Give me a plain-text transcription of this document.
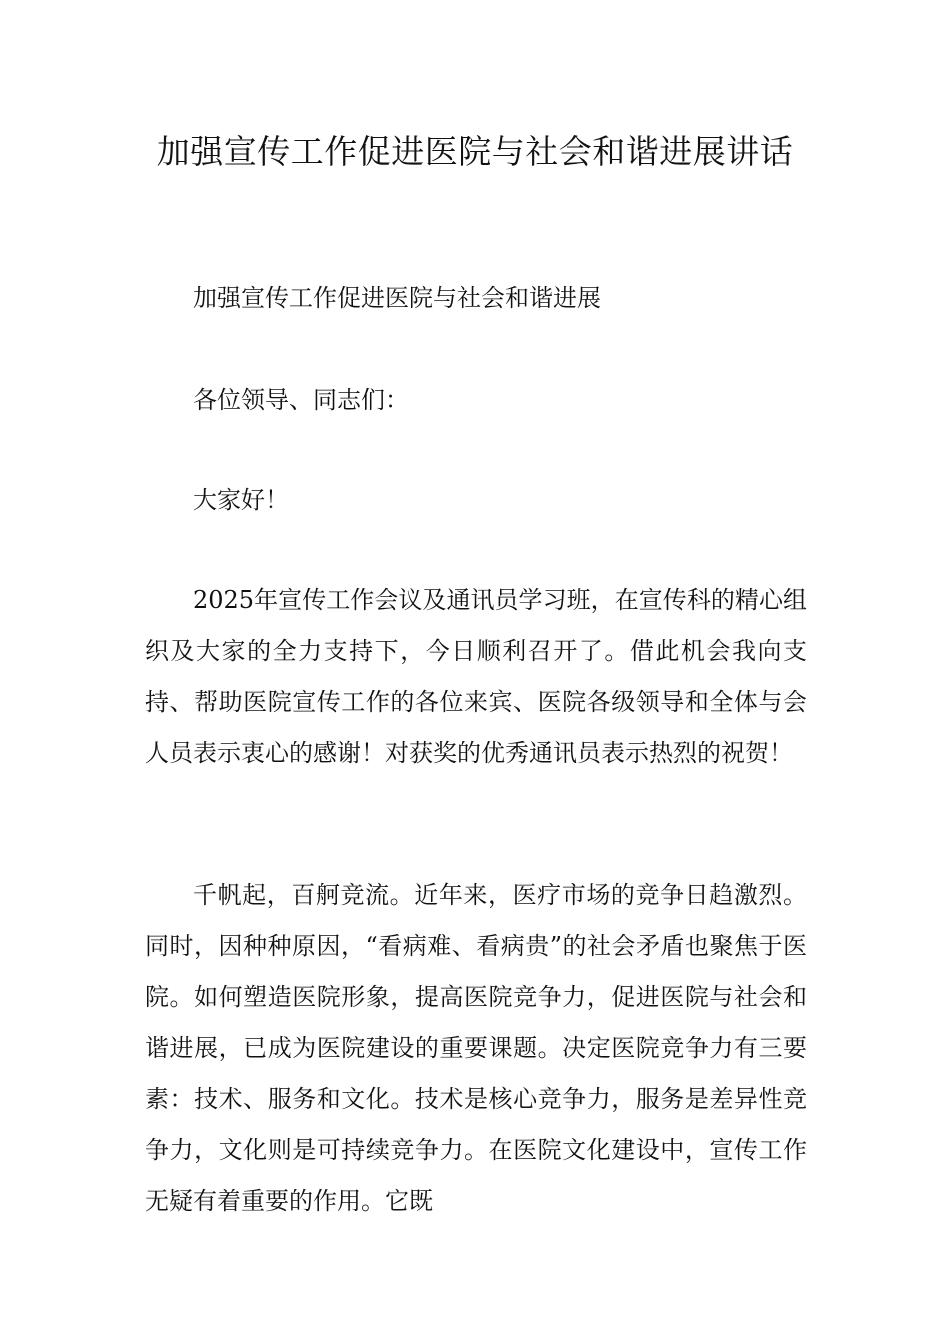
加强宣传工作促进医院与社会和谐进展讲话

加强宣传工作促进医院与社会和谐进展

各位领导、同志们：

大家好！

2025年宣传工作会议及通讯员学习班，在宣传科的精心组织及大家的全力支持下，今日顺利召开了。借此机会我向支持、帮助医院宣传工作的各位来宾、医院各级领导和全体与会人员表示衷心的感谢！对获奖的优秀通讯员表示热烈的祝贺！

千帆起，百舸竞流。近年来，医疗市场的竞争日趋激烈。同时，因种种原因，“看病难、看病贵”的社会矛盾也聚焦于医院。如何塑造医院形象，提高医院竞争力，促进医院与社会和谐进展，已成为医院建设的重要课题。决定医院竞争力有三要素：技术、服务和文化。技术是核心竞争力，服务是差异性竞争力，文化则是可持续竞争力。在医院文化建设中，宣传工作无疑有着重要的作用。它既
